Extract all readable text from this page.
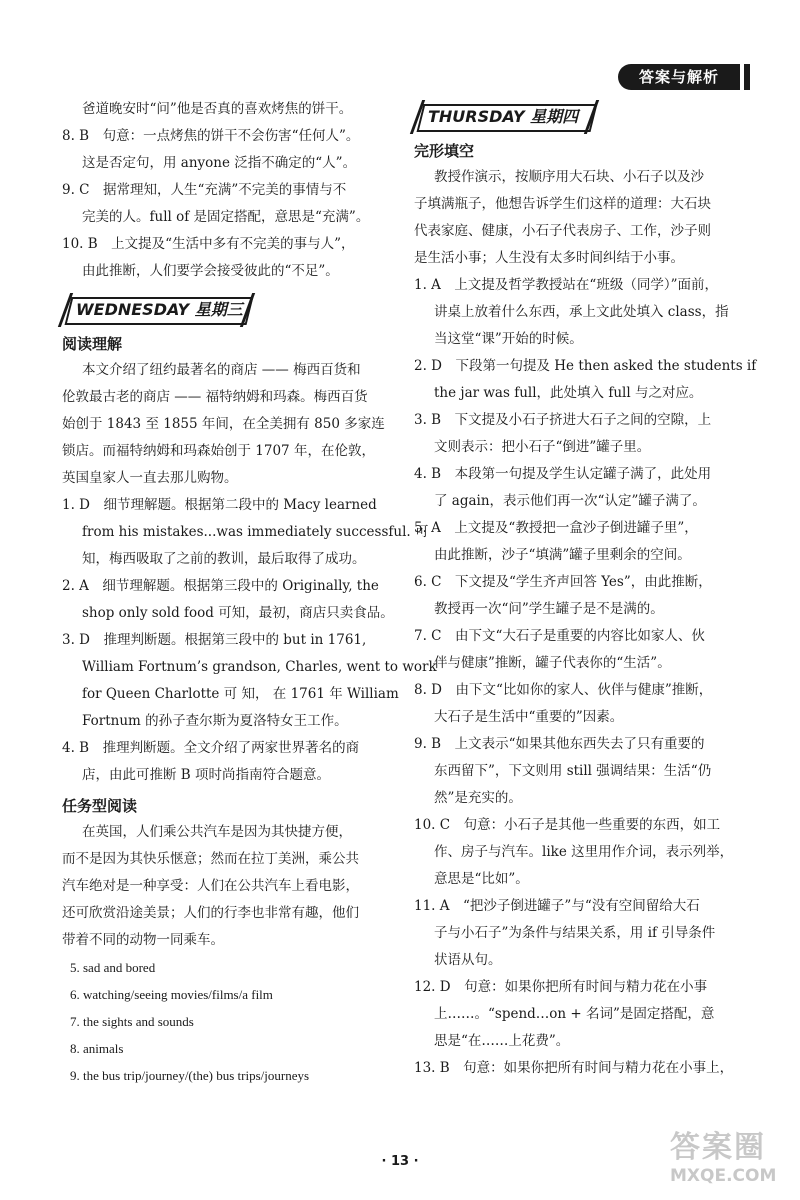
答案与解析

爸道晚安时“问”他是否真的喜欢烤焦的饼干。

8. B　句意：一点烤焦的饼干不会伤害“任何人”。
这是否定句，用 anyone 泛指不确定的“人”。
9. C　据常理知，人生“充满”不完美的事情与不
完美的人。full of 是固定搭配，意思是“充满”。
10. B　上文提及“生活中多有不完美的事与人”，
由此推断，人们要学会接受彼此的“不足”。
WEDNESDAY 星期三
阅读理解

本文介绍了纽约最著名的商店 —— 梅西百货和

伦敦最古老的商店 —— 福特纳姆和玛森。梅西百货

始创于 1843 至 1855 年间，在全美拥有 850 多家连

锁店。而福特纳姆和玛森始创于 1707 年，在伦敦，

英国皇家人一直去那儿购物。

1. D　细节理解题。根据第二段中的 Macy learned
from his mistakes...was immediately successful. 可
知，梅西吸取了之前的教训，最后取得了成功。
2. A　细节理解题。根据第三段中的 Originally, the
shop only sold food 可知，最初，商店只卖食品。
3. D　推理判断题。根据第三段中的 but in 1761,
William Fortnum’s grandson, Charles, went to work
for Queen Charlotte 可 知， 在 1761 年 William
Fortnum 的孙子查尔斯为夏洛特女王工作。
4. B　推理判断题。全文介绍了两家世界著名的商
店，由此可推断 B 项时尚指南符合题意。
任务型阅读

在英国，人们乘公共汽车是因为其快捷方便，

而不是因为其快乐惬意；然而在拉丁美洲，乘公共

汽车绝对是一种享受：人们在公共汽车上看电影，

还可欣赏沿途美景；人们的行李也非常有趣，他们

带着不同的动物一同乘车。

5. sad and bored
6. watching/seeing movies/films/a film
7. the sights and sounds
8. animals
9. the bus trip/journey/(the) bus trips/journeys
THURSDAY 星期四
完形填空

教授作演示，按顺序用大石块、小石子以及沙

子填满瓶子，他想告诉学生们这样的道理：大石块

代表家庭、健康，小石子代表房子、工作，沙子则

是生活小事；人生没有太多时间纠结于小事。

1. A　上文提及哲学教授站在“班级（同学）”面前，
讲桌上放着什么东西，承上文此处填入 class，指
当这堂“课”开始的时候。
2. D　下段第一句提及 He then asked the students if
the jar was full，此处填入 full 与之对应。
3. B　下文提及小石子挤进大石子之间的空隙，上
文则表示：把小石子“倒进”罐子里。
4. B　本段第一句提及学生认定罐子满了，此处用
了 again，表示他们再一次“认定”罐子满了。
5. A　上文提及“教授把一盒沙子倒进罐子里”，
由此推断，沙子“填满”罐子里剩余的空间。
6. C　下文提及“学生齐声回答 Yes”，由此推断，
教授再一次“问”学生罐子是不是满的。
7. C　由下文“大石子是重要的内容比如家人、伙
伴与健康”推断，罐子代表你的“生活”。
8. D　由下文“比如你的家人、伙伴与健康”推断，
大石子是生活中“重要的”因素。
9. B　上文表示“如果其他东西失去了只有重要的
东西留下”，下文则用 still 强调结果：生活“仍
然”是充实的。
10. C　句意：小石子是其他一些重要的东西，如工
作、房子与汽车。like 这里用作介词，表示列举，
意思是“比如”。
11. A　“把沙子倒进罐子”与“没有空间留给大石
子与小石子”为条件与结果关系，用 if 引导条件
状语从句。
12. D　句意：如果你把所有时间与精力花在小事
上……。“spend…on + 名词”是固定搭配，意
思是“在……上花费”。
13. B　句意：如果你把所有时间与精力花在小事上，
· 13 ·	答案圈
MXQE.COM
